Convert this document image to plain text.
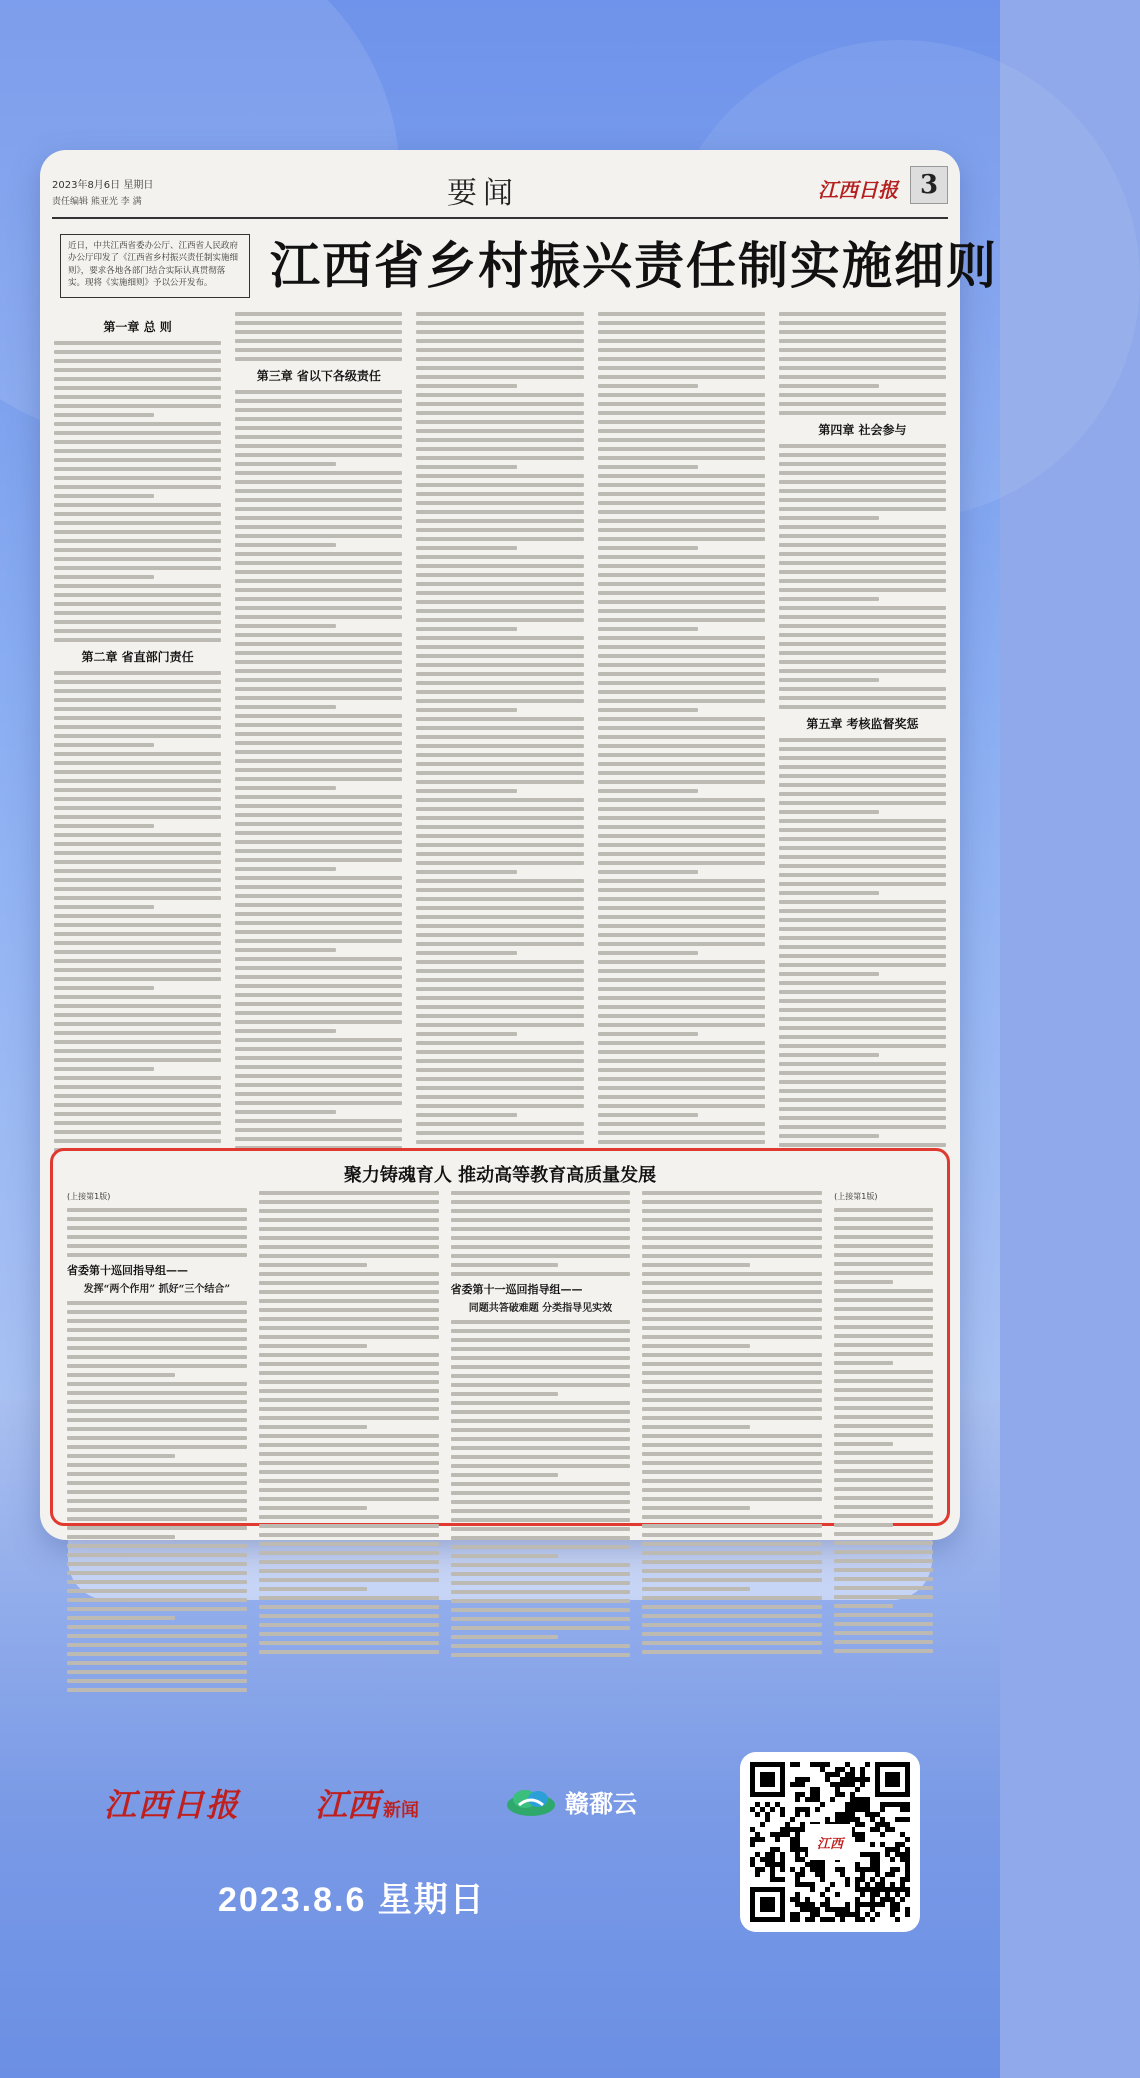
2023年8月6日 星期日
责任编辑 熊亚光 李 满	要闻	江西日报 3
近日，中共江西省委办公厅、江西省人民政府办公厅印发了《江西省乡村振兴责任制实施细则》，要求各地各部门结合实际认真贯彻落实。现将《实施细则》予以公开发布。	江西省乡村振兴责任制实施细则
第一章 总 则
第二章 省直部门责任
第三章 省以下各级责任
第四章 社会参与
第五章 考核监督奖惩
聚力铸魂育人 推动高等教育高质量发展
(上接第1版)
省委第十巡回指导组——
发挥“两个作用” 抓好“三个结合”	省委第十一巡回指导组——
同题共答破难题 分类指导见实效
(上接第1版)
江西日报 江西 新闻	赣鄱云
2023.8.6 星期日
江西
